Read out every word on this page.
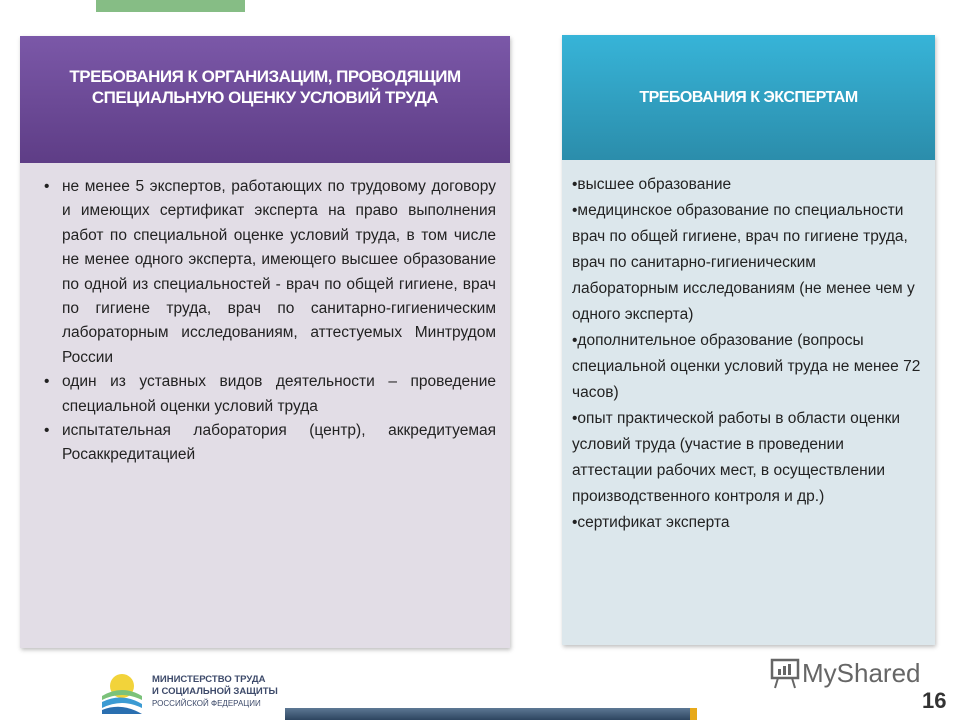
ТРЕБОВАНИЯ К ОРГАНИЗАЦИМ, ПРОВОДЯЩИМ СПЕЦИАЛЬНУЮ ОЦЕНКУ УСЛОВИЙ ТРУДА
• не менее 5 экспертов, работающих по трудовому договору и имеющих сертификат эксперта на право выполнения работ по специальной оценке условий труда, в том числе не менее одного эксперта, имеющего высшее образование по одной из специальностей - врач по общей гигиене, врач по гигиене труда, врач по санитарно-гигиеническим лабораторным исследованиям, аттестуемых Минтрудом России
• один из уставных видов деятельности – проведение специальной оценки условий труда
• испытательная лаборатория (центр), аккредитуемая Росаккредитацией
ТРЕБОВАНИЯ К ЭКСПЕРТАМ
•высшее образование
•медицинское образование по специальности врач по общей гигиене, врач по гигиене труда, врач по санитарно-гигиеническим лабораторным исследованиям (не менее чем у одного эксперта)
•дополнительное образование (вопросы специальной оценки условий труда не менее 72 часов)
•опыт практической работы в области оценки условий труда (участие в проведении аттестации рабочих мест, в осуществлении производственного контроля и др.)
•сертификат эксперта
МИНИСТЕРСТВО ТРУДА
И СОЦИАЛЬНОЙ ЗАЩИТЫ
РОССИЙСКОЙ ФЕДЕРАЦИИ
MyShared
16
